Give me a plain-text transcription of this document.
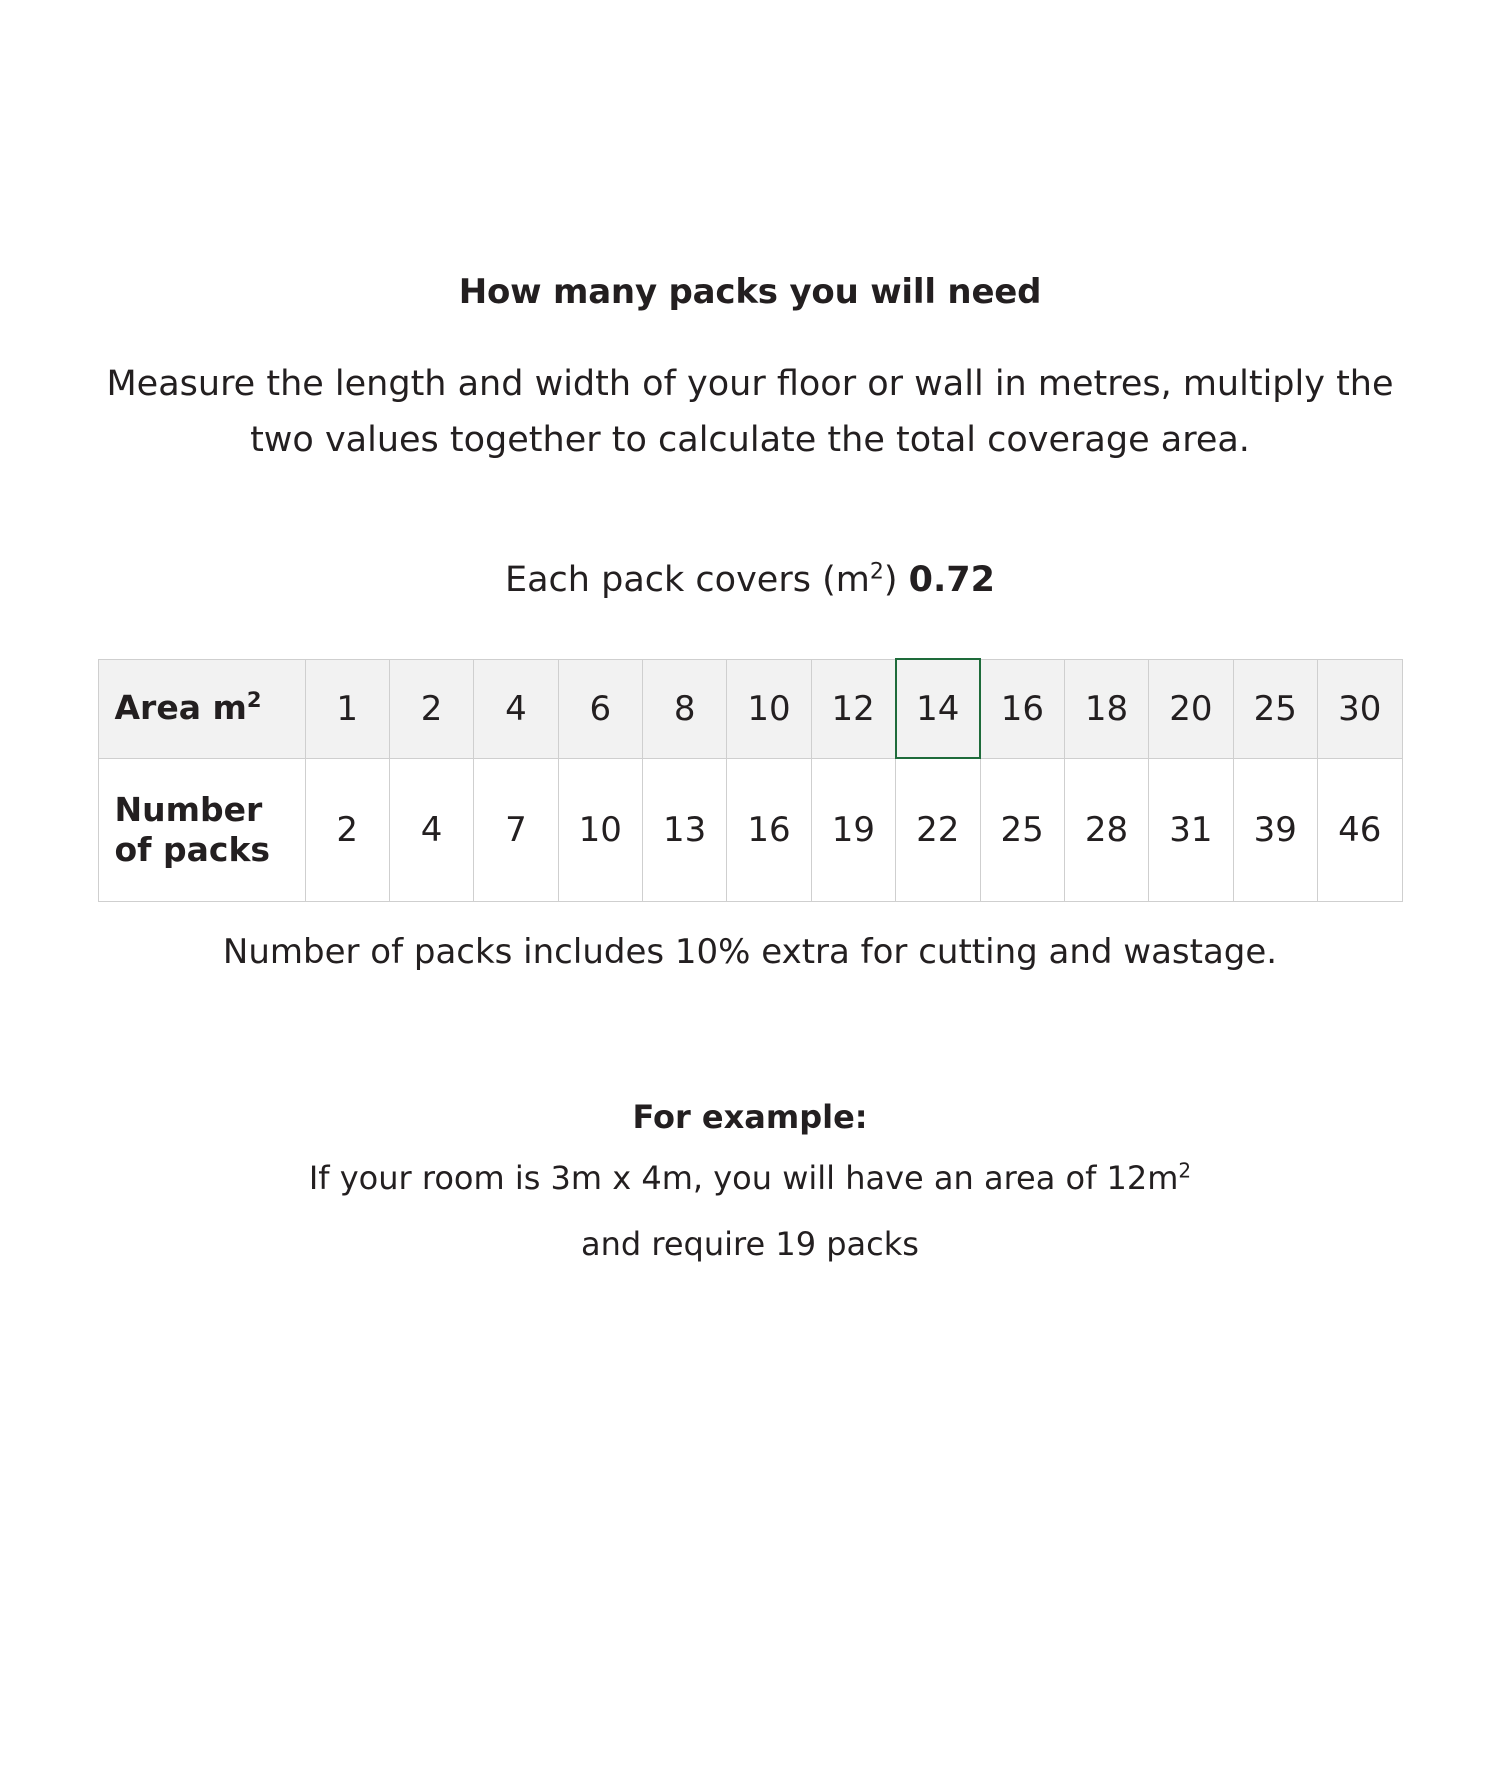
How many packs you will need
Measure the length and width of your floor or wall in metres, multiply the two values together to calculate the total coverage area.
Each pack covers $(m^2)$ 0.72
Area $m^2$	1	2	4	6	8	10	12	14	16	18	20	25	30
Number
of packs	2	4	7	10	13	16	19	22	25	28	31	39	46
Number of packs includes 10% extra for cutting and wastage.
For example:
If your room is 3m x 4m, you will have an area of $12m^2$
and require 19 packs
